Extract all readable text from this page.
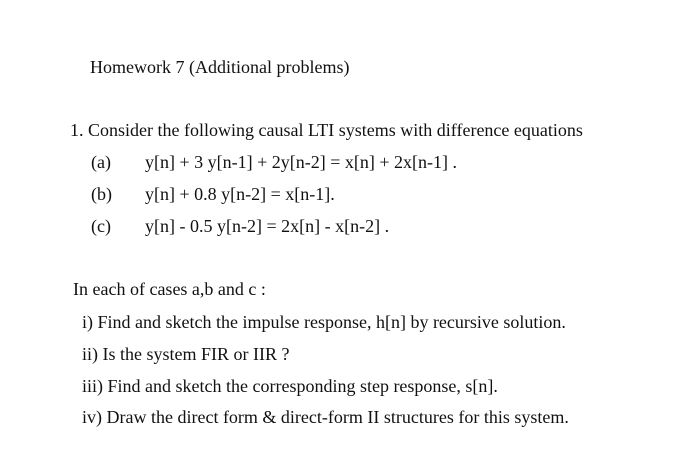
Homework 7 (Additional problems)
1. Consider the following causal LTI systems with difference equations
(a) y[n] + 3 y[n-1] + 2y[n-2] = x[n] + 2x[n-1] .
(b) y[n] + 0.8 y[n-2] = x[n-1].
(c) y[n] - 0.5 y[n-2] = 2x[n] - x[n-2] .
In each of cases a,b and c :
i) Find and sketch the impulse response, h[n] by recursive solution.
ii) Is the system FIR or IIR ?
iii) Find and sketch the corresponding step response, s[n].
iv) Draw the direct form & direct-form II structures for this system.
